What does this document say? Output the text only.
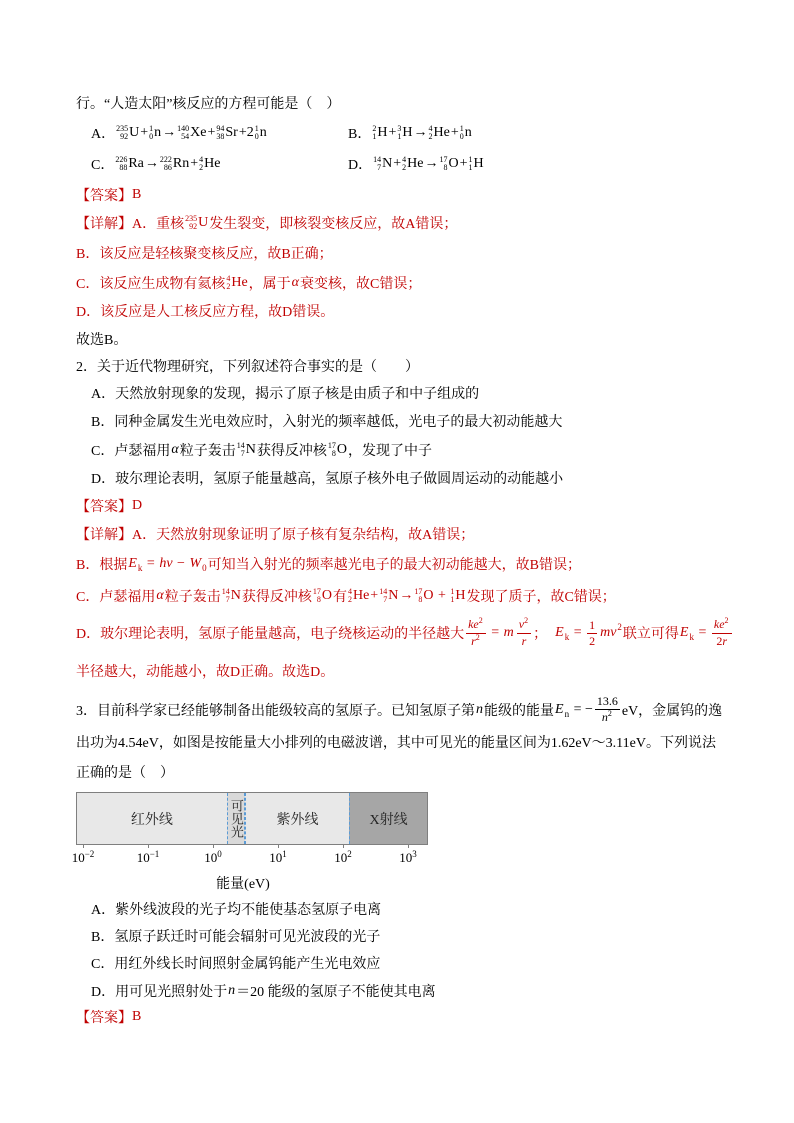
行。“人造太阳”核反应的方程可能是（　）
A． 235
92 U + 1
0 n → 140
54 Xe + 94
38 Sr +2 1
0 n	B． 2
1 H + 3
1 H → 4
2 He + 1
0 n
C． 226
88 Ra → 222
86 Rn + 4
2 He	D． 14
7 N + 4
2 He → 17
8 O + 1
1 H
【答案】 B
【详解】A．重核 235
92 U 发生裂变，即核裂变核反应，故A错误；
B．该反应是轻核聚变核反应，故B正确；
C．该反应生成物有氦核 4
2 He ，属于 α 衰变核，故C错误；
D．该反应是人工核反应方程，故D错误。
故选B。
2．关于近代物理研究，下列叙述符合事实的是（　　）
A．天然放射现象的发现，揭示了原子核是由质子和中子组成的
B．同种金属发生光电效应时，入射光的频率越低，光电子的最大初动能越大
C．卢瑟福用 α 粒子轰击 14
7 N 获得反冲核 17
8 O ，发现了中子
D．玻尔理论表明，氢原子能量越高，氢原子核外电子做圆周运动的动能越小
【答案】 D
【详解】A．天然放射现象证明了原子核有复杂结构，故A错误；
B．根据 E k = hν − W 0 可知当入射光的频率越光电子的最大初动能越大，故B错误；
C．卢瑟福用 α 粒子轰击 14
7 N 获得反冲核 17
8 O 有 4
2 He + 14
7 N → 17
8 O + 1
1 H 发现了质子，故C错误；
D．玻尔理论表明，氢原子能量越高，电子绕核运动的半径越大 $\frac{ke^2}{r^2} = m \frac{v^2}{r}$ ； E $k = \frac{1}{2}$ mv 2 联立可得 E $k = \frac{ke^2}{2r}$
半径越大，动能越小，故D正确。故选D。
3．目前科学家已经能够制备出能级较高的氢原子。已知氢原子第 n 能级的能量 E n = − $\frac{13.6}{n^2}$ eV，金属钨的逸
出功为4.54eV，如图是按能量大小排列的电磁波谱，其中可见光的能量区间为1.62eV～3.11eV。下列说法
正确的是（　）
红外线	可见光 紫外线	X射线
$10^{-2}$	$10^{-1}$	$10^0$	$10^1$	$10^2$	$10^3$
能量(eV)
A．紫外线波段的光子均不能使基态氢原子电离
B．氢原子跃迁时可能会辐射可见光波段的光子
C．用红外线长时间照射金属钨能产生光电效应
D．用可见光照射处于 n ＝20 能级的氢原子不能使其电离
【答案】 B
